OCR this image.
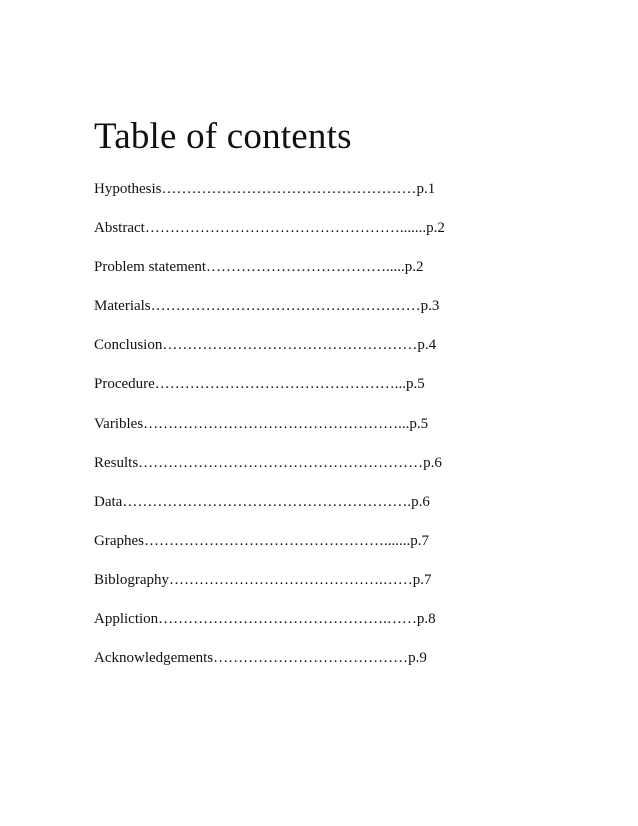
Table of contents
Hypothesis……………………………………………p.1
Abstract…………………………………………….......p.2
Problem statement……………………………….....p.2
Materials………………………………………………p.3
Conclusion……………………………………………p.4
Procedure…………………………………………...p.5
Varibles……………………………………………...p.5
Results…………………………………………………p.6
Data………………………………………………….p.6
Graphes………………………………………….......p.7
Biblography…………………………………….……p.7
Appliction……………………………………….……p.8
Acknowledgements…………………………………p.9
